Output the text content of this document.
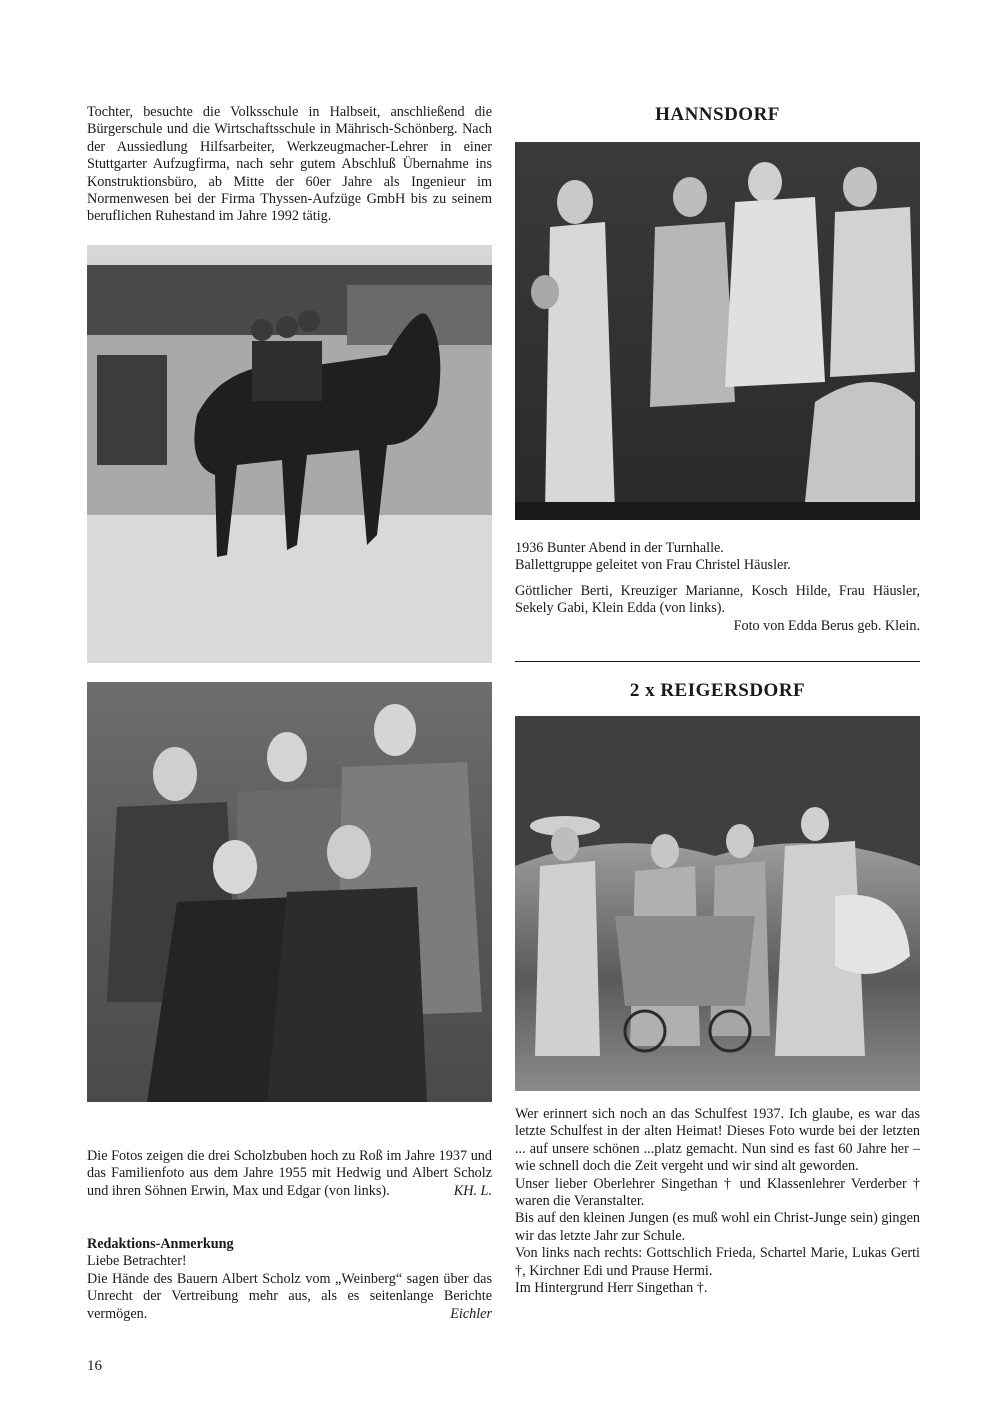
Tochter, besuchte die Volksschule in Halbseit, anschließend die Bürgerschule und die Wirtschaftsschule in Mährisch-Schönberg. Nach der Aussiedlung Hilfsarbeiter, Werkzeugmacher-Lehrer in einer Stuttgarter Aufzugfirma, nach sehr gutem Abschluß Übernahme ins Konstruktionsbüro, ab Mitte der 60er Jahre als Ingenieur im Normenwesen bei der Firma Thyssen-Aufzüge GmbH bis zu seinem beruflichen Ruhestand im Jahre 1992 tätig.

HANNSDORF
1936 Bunter Abend in der Turnhalle.
Ballettgruppe geleitet von Frau Christel Häusler.
Göttlicher Berti, Kreuziger Marianne, Kosch Hilde, Frau Häusler, Sekely Gabi, Klein Edda (von links).
Foto von Edda Berus geb. Klein.
2 x REIGERSDORF

Wer erinnert sich noch an das Schulfest 1937. Ich glaube, es war das letzte Schulfest in der alten Heimat! Dieses Foto wurde bei der letzten ... auf unsere schönen ...platz gemacht. Nun sind es fast 60 Jahre her – wie schnell doch die Zeit vergeht und wir sind alt geworden.

Unser lieber Oberlehrer Singethan † und Klassenlehrer Verderber † waren die Veranstalter.

Bis auf den kleinen Jungen (es muß wohl ein Christ-Junge sein) gingen wir das letzte Jahr zur Schule.

Von links nach rechts: Gottschlich Frieda, Schartel Marie, Lukas Gerti †, Kirchner Edi und Prause Hermi.

Im Hintergrund Herr Singethan †.

Die Fotos zeigen die drei Scholzbuben hoch zu Roß im Jahre 1937 und das Familienfoto aus dem Jahre 1955 mit Hedwig und Albert Scholz und ihren Söhnen Erwin, Max und Edgar (von links).	KH. L.
Redaktions-Anmerkung
Liebe Betrachter!

Die Hände des Bauern Albert Scholz vom „Weinberg“ sagen über das Unrecht der Vertreibung mehr aus, als es seitenlange Berichte vermögen.	Eichler
16
